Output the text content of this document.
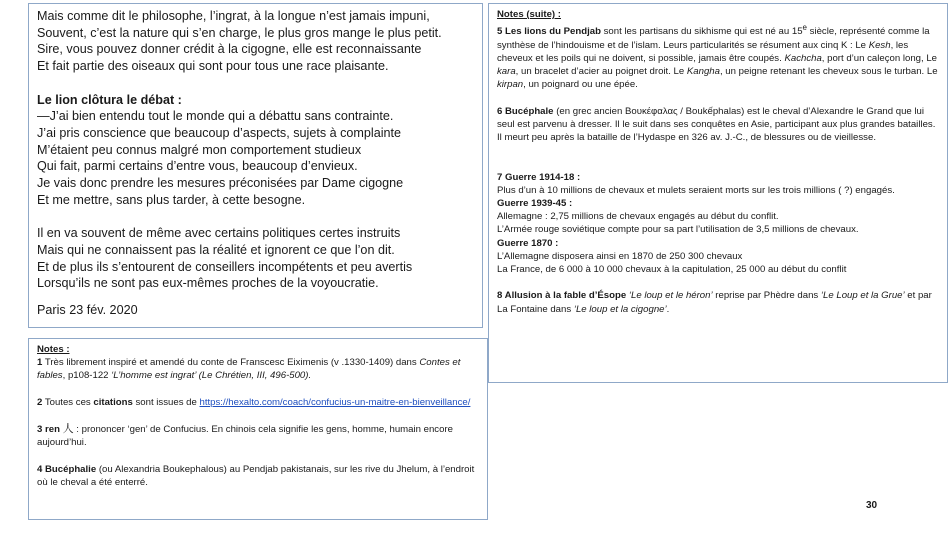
Mais comme dit le philosophe, l’ingrat, à la longue n’est jamais impuni,
Souvent, c’est la nature qui s’en charge, le plus gros mange le plus petit.
Sire, vous pouvez donner crédit à la cigogne, elle est reconnaissante
Et fait partie des oiseaux qui sont pour tous une race plaisante.
Le lion clôtura le débat :
—J’ai bien entendu tout le monde qui a débattu sans contrainte.
J’ai pris conscience que beaucoup d’aspects, sujets à complainte
M’étaient peu connus malgré mon comportement studieux
Qui fait, parmi certains d’entre vous, beaucoup d’envieux.
Je vais donc prendre les mesures préconisées par Dame cigogne
Et me mettre, sans plus tarder, à cette besogne.
Il en va souvent de même avec certains politiques certes instruits
Mais qui ne connaissent pas la réalité et ignorent ce que l’on dit.
Et de plus ils s’entourent de conseillers incompétents et peu avertis
Lorsqu’ils ne sont pas eux-mêmes proches de la voyoucratie.
Paris 23 fév. 2020
Notes :
1 Très librement inspiré et amendé du conte de Franscesc Eiximenis (v .1330-1409) dans Contes et fables, p108-122 ‘L’homme est ingrat’ (Le Chrétien, III, 496-500).
2 Toutes ces citations sont issues de https://hexalto.com/coach/confucius-un-maitre-en-bienveillance/
3 ren 人 : prononcer ‘gen’ de Confucius. En chinois cela signifie les gens, homme, humain encore aujourd’hui.
4 Bucéphalie (ou Alexandria Boukephalous) au Pendjab pakistanais, sur les rive du Jhelum, à l’endroit où le cheval a été enterré.
Notes (suite) :
5 Les lions du Pendjab sont les partisans du sikhisme qui est né au 15e siècle, représenté comme la synthèse de l’hindouisme et de l’islam. Leurs particularités se résument aux cinq K : Le Kesh, les cheveux et les poils qui ne doivent, si possible, jamais être coupés. Kachcha, port d’un caleçon long, Le kara, un bracelet d’acier au poignet droit. Le Kangha, un peigne retenant les cheveux sous le turban. Le kirpan, un poignard ou une épée.
6 Bucéphale (en grec ancien Βουκέφαλας / Boukếphalas) est le cheval d’Alexandre le Grand que lui seul est parvenu à dresser. Il le suit dans ses conquêtes en Asie, participant aux plus grandes batailles. Il meurt peu après la bataille de l’Hydaspe en 326 av. J.-C., de blessures ou de vieillesse.
7 Guerre 1914-18 :
Plus d’un à 10 millions de chevaux et mulets seraient morts sur les trois millions ( ?) engagés.
Guerre 1939-45 :
Allemagne : 2,75 millions de chevaux engagés au début du conflit.
L’Armée rouge soviétique compte pour sa part l’utilisation de 3,5 millions de chevaux.
Guerre 1870 :
L’Allemagne disposera ainsi en 1870 de 250 300 chevaux
La France, de 6 000 à 10 000 chevaux à la capitulation, 25 000 au début du conflit
8 Allusion à la fable d’Ésope ‘Le loup et le héron’ reprise par Phèdre dans ‘Le Loup et la Grue’ et par La Fontaine dans ‘Le loup et la cigogne’.
30
